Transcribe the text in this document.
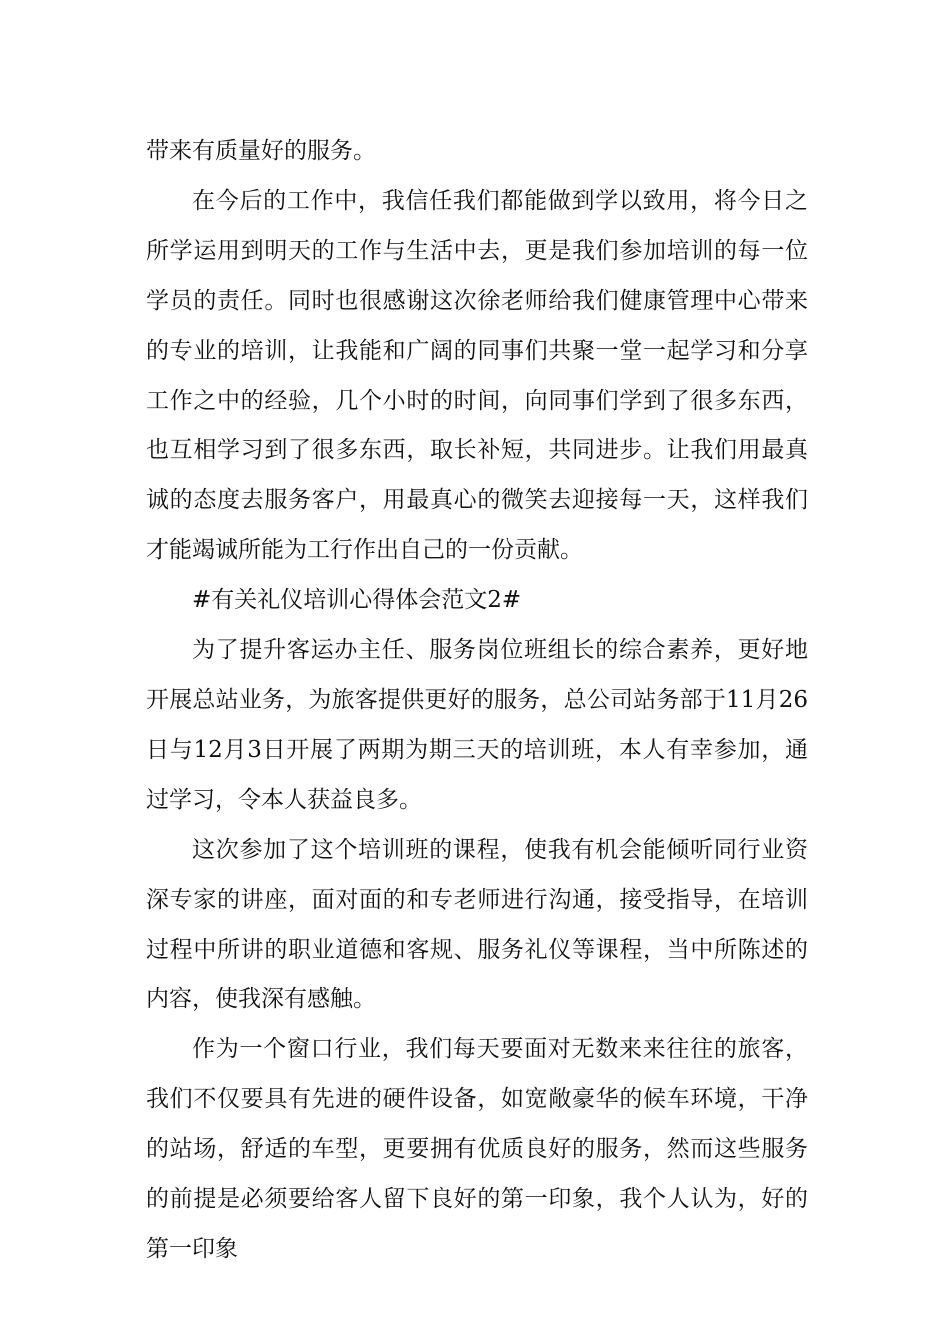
带来有质量好的服务。

在今后的工作中，我信任我们都能做到学以致用，将今日之所学运用到明天的工作与生活中去，更是我们参加培训的每一位学员的责任。同时也很感谢这次徐老师给我们健康管理中心带来的专业的培训，让我能和广阔的同事们共聚一堂一起学习和分享工作之中的经验，几个小时的时间，向同事们学到了很多东西，也互相学习到了很多东西，取长补短，共同进步。让我们用最真诚的态度去服务客户，用最真心的微笑去迎接每一天，这样我们才能竭诚所能为工行作出自己的一份贡献。

#有关礼仪培训心得体会范文2#

为了提升客运办主任、服务岗位班组长的综合素养，更好地开展总站业务，为旅客提供更好的服务，总公司站务部于11月26日与12月3日开展了两期为期三天的培训班，本人有幸参加，通过学习，令本人获益良多。

这次参加了这个培训班的课程，使我有机会能倾听同行业资深专家的讲座，面对面的和专老师进行沟通，接受指导，在培训过程中所讲的职业道德和客规、服务礼仪等课程，当中所陈述的内容，使我深有感触。

作为一个窗口行业，我们每天要面对无数来来往往的旅客，我们不仅要具有先进的硬件设备，如宽敞豪华的候车环境，干净的站场，舒适的车型，更要拥有优质良好的服务，然而这些服务的前提是必须要给客人留下良好的第一印象，我个人认为，好的第一印象
